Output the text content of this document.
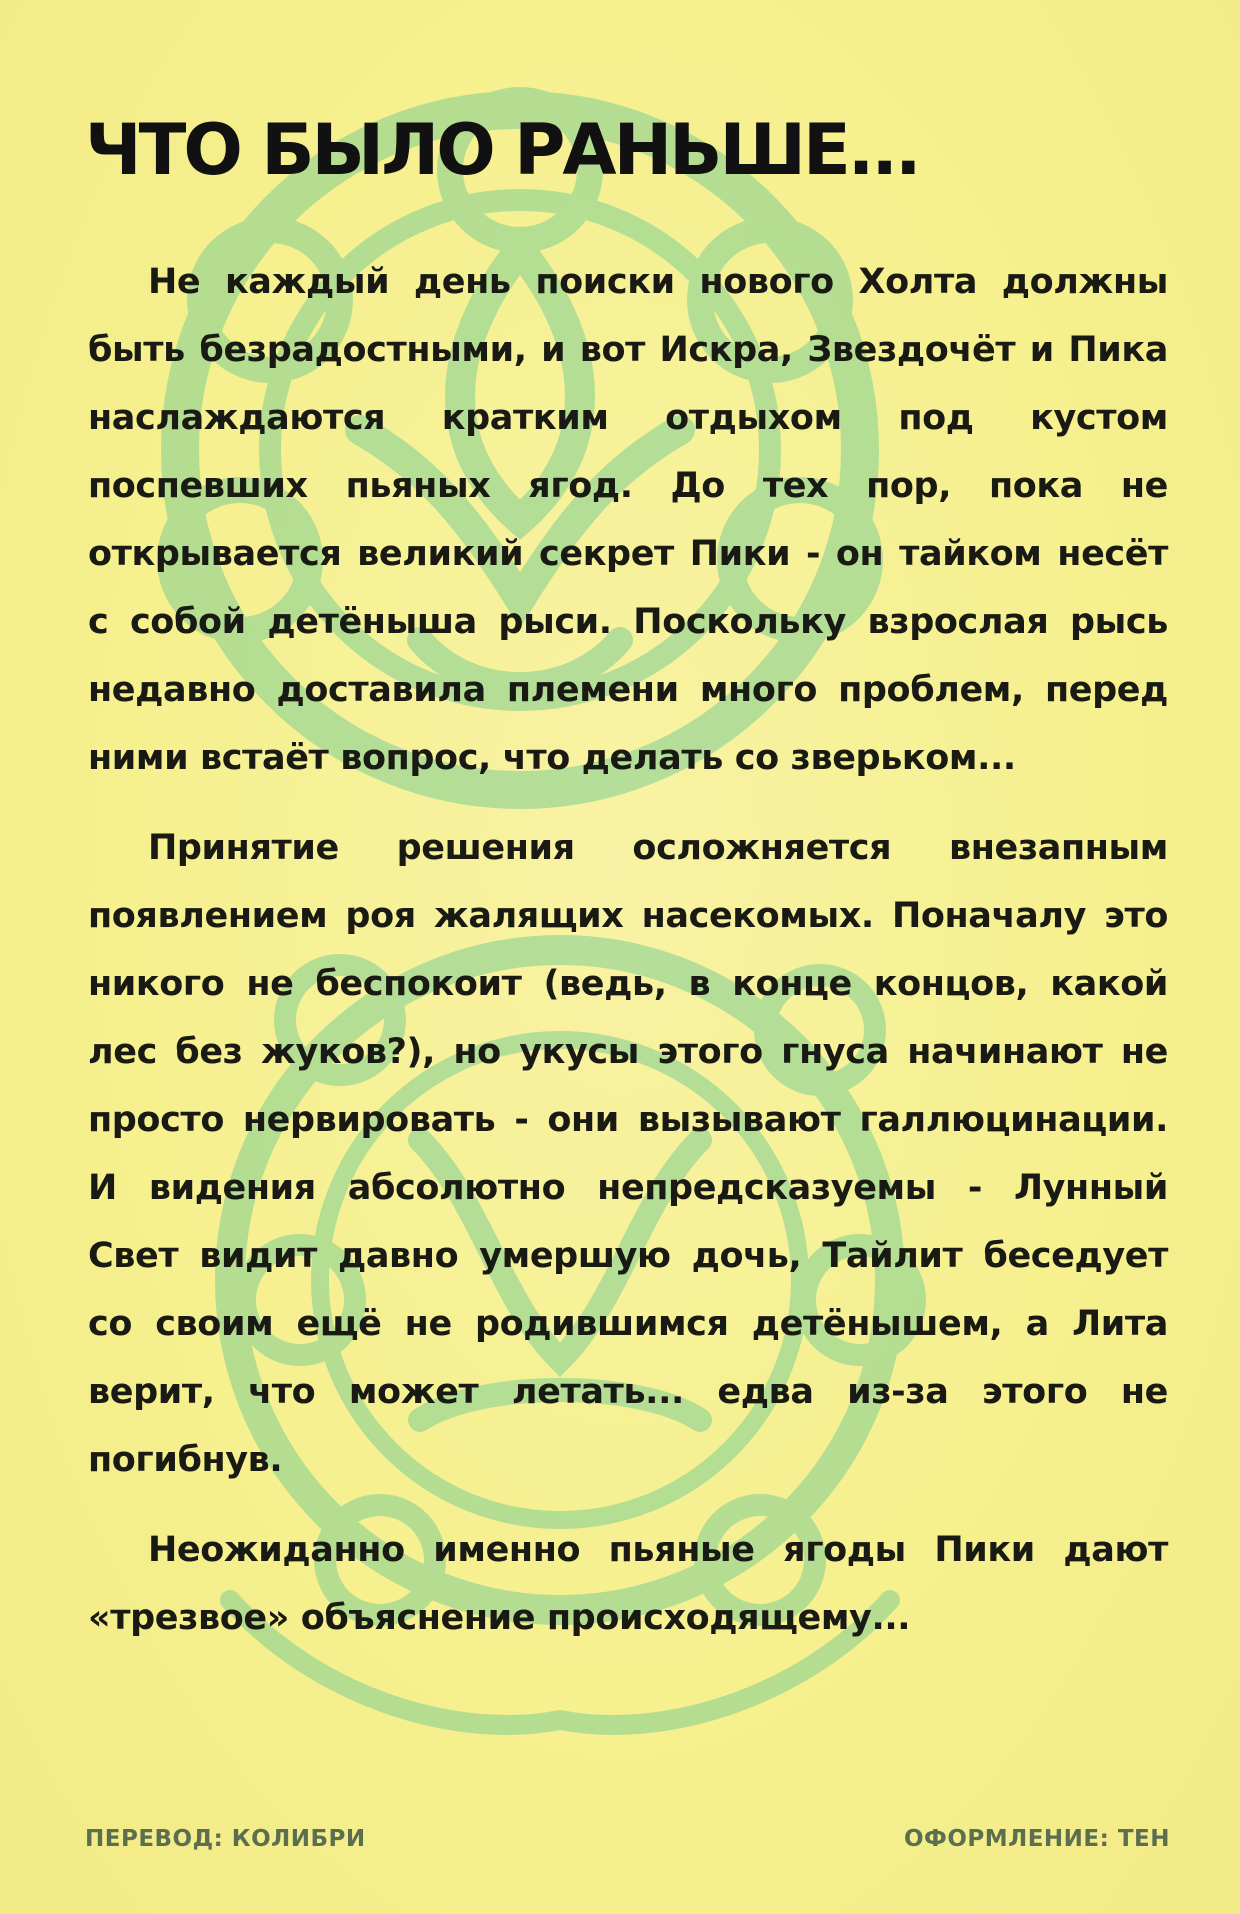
ЧТО БЫЛО РАНЬШЕ...

Не каждый день поиски нового Холта должны быть безрадостными, и вот Искра, Звездочёт и Пика наслаждаются кратким отдыхом под кустом поспевших пьяных ягод. До тех пор, пока не открывается великий секрет Пики - он тайком несёт с собой детёныша рыси. Поскольку взрослая рысь недавно доставила племени много проблем, перед ними встаёт вопрос, что делать со зверьком...

Принятие решения осложняется внезапным появлением роя жалящих насекомых. Поначалу это никого не беспокоит (ведь, в конце концов, какой лес без жуков?), но укусы этого гнуса начинают не просто нервировать - они вызывают галлюцинации. И видения абсолютно непредсказуемы - Лунный Свет видит давно умершую дочь, Тайлит беседует со своим ещё не родившимся детёнышем, а Лита верит, что может летать... едва из-за этого не погибнув.

Неожиданно именно пьяные ягоды Пики дают «трезвое» объяснение происходящему...

ПЕРЕВОД: КОЛИБРИ	ОФОРМЛЕНИЕ: ТЕН
